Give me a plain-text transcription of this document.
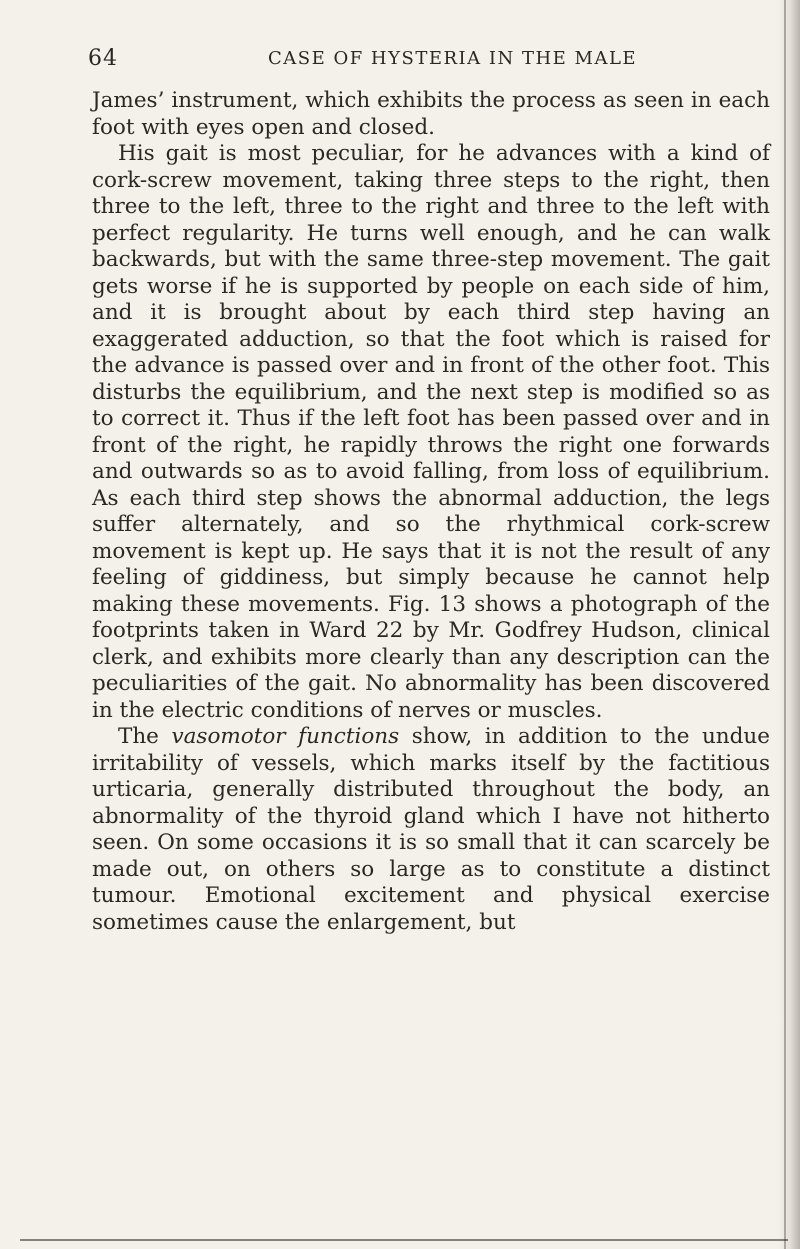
64	CASE OF HYSTERIA IN THE MALE

James’ instrument, which exhibits the process as seen in each foot with eyes open and closed.

His gait is most peculiar, for he advances with a kind of cork-screw movement, taking three steps to the right, then three to the left, three to the right and three to the left with perfect regularity. He turns well enough, and he can walk backwards, but with the same three-step movement. The gait gets worse if he is supported by people on each side of him, and it is brought about by each third step having an exaggerated adduction, so that the foot which is raised for the advance is passed over and in front of the other foot. This disturbs the equilibrium, and the next step is modified so as to correct it. Thus if the left foot has been passed over and in front of the right, he rapidly throws the right one forwards and outwards so as to avoid falling, from loss of equilibrium. As each third step shows the abnormal adduction, the legs suffer alternately, and so the rhythmical cork-screw movement is kept up. He says that it is not the result of any feeling of giddiness, but simply because he cannot help making these movements. Fig. 13 shows a photograph of the footprints taken in Ward 22 by Mr. Godfrey Hudson, clinical clerk, and exhibits more clearly than any description can the peculiarities of the gait. No abnormality has been discovered in the electric conditions of nerves or muscles.

The vasomotor functions show, in addition to the undue irritability of vessels, which marks itself by the factitious urticaria, generally distributed throughout the body, an abnormality of the thyroid gland which I have not hitherto seen. On some occasions it is so small that it can scarcely be made out, on others so large as to constitute a distinct tumour. Emotional excitement and physical exercise sometimes cause the enlargement, but
